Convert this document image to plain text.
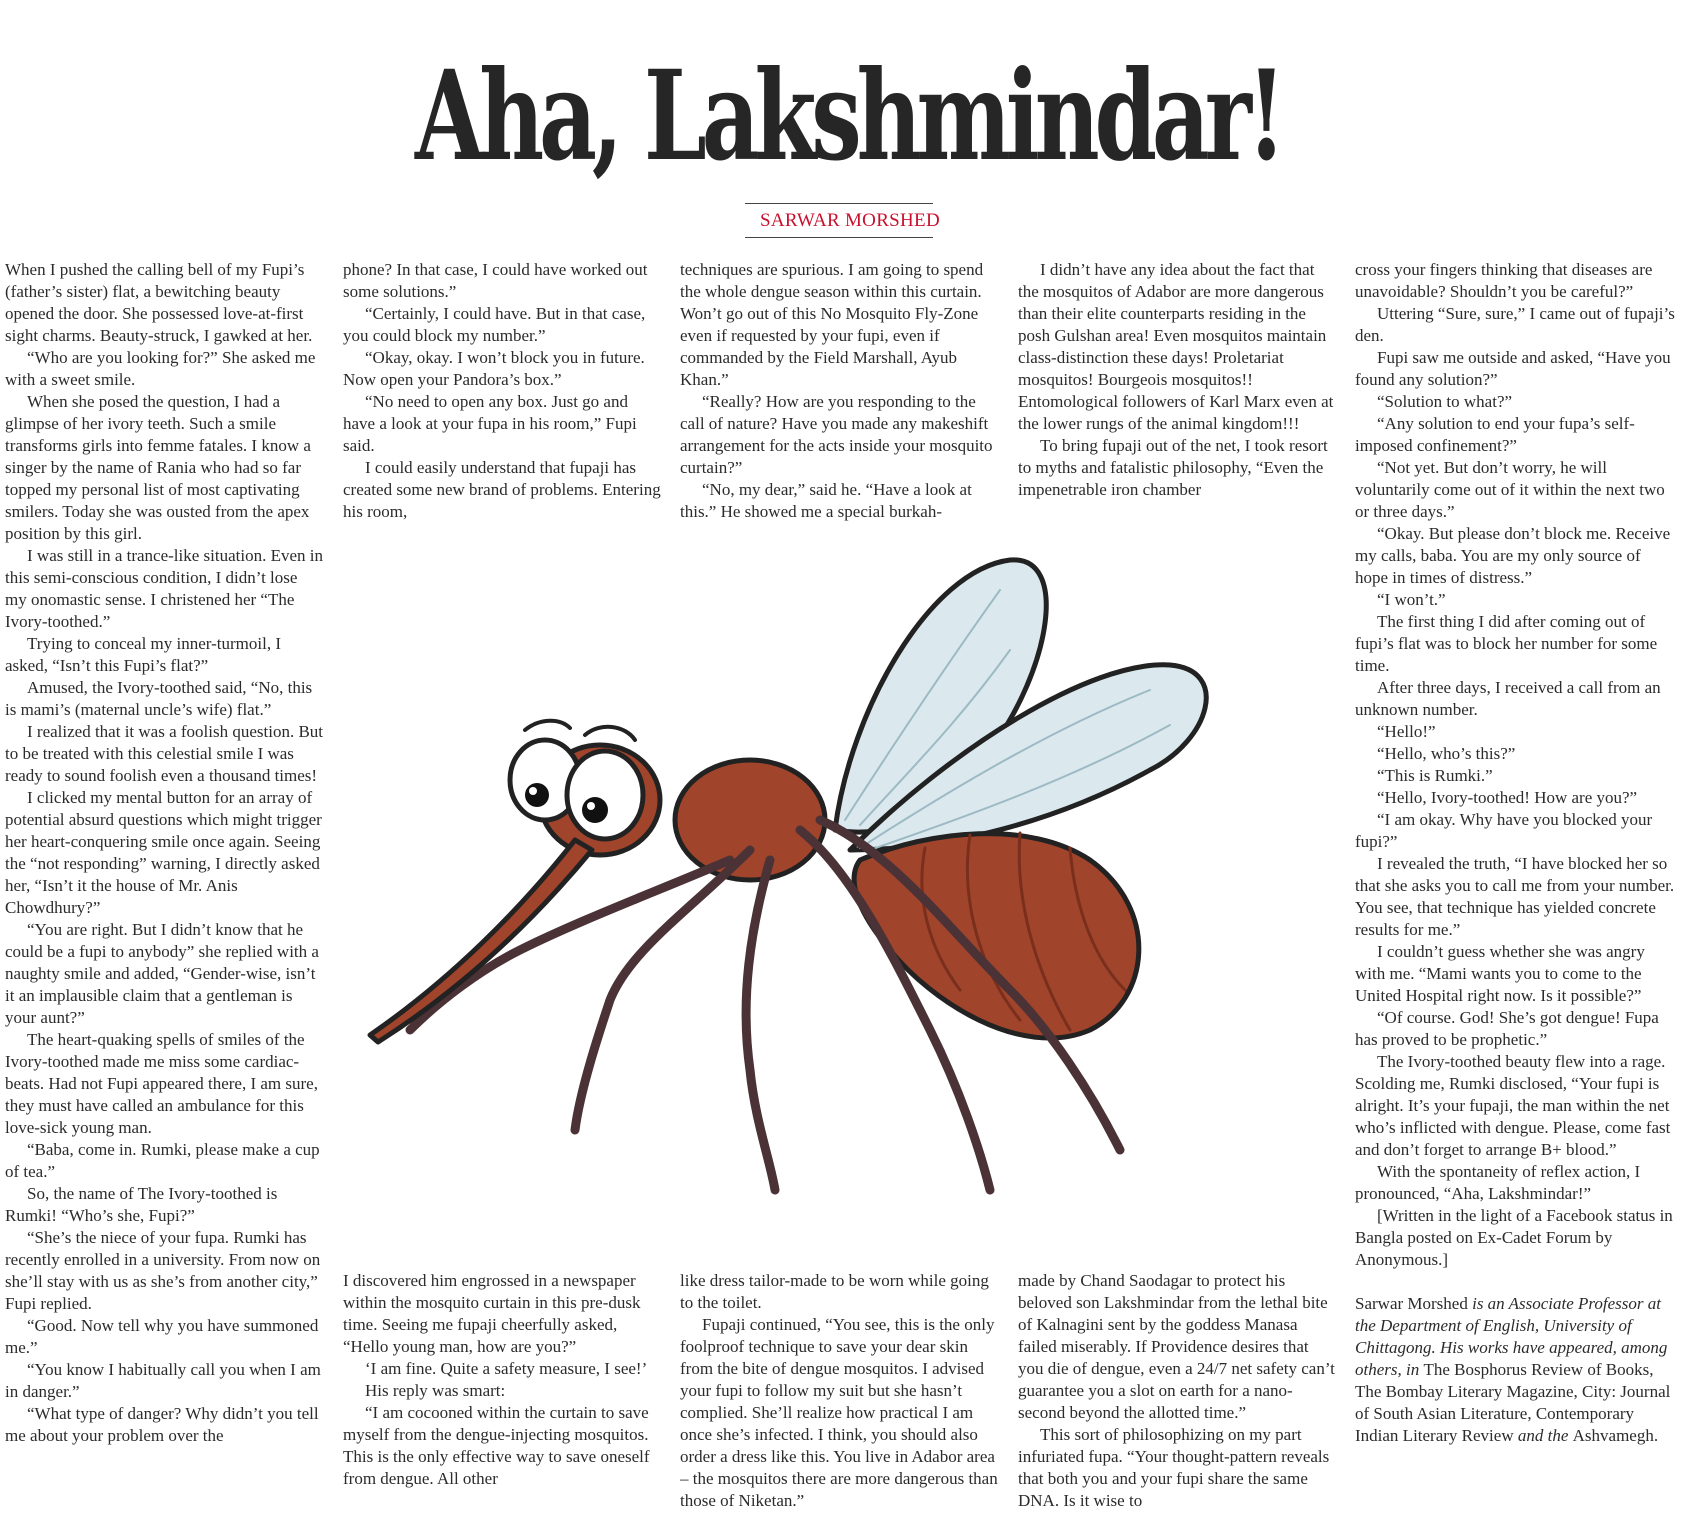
Aha, Lakshmindar!
SARWAR MORSHED

When I pushed the calling bell of my Fupi’s (father’s sister) flat, a bewitching beauty opened the door. She possessed love-at-first sight charms. Beauty-struck, I gawked at her.

“Who are you looking for?” She asked me with a sweet smile.

When she posed the question, I had a glimpse of her ivory teeth. Such a smile transforms girls into femme fatales. I know a singer by the name of Rania who had so far topped my personal list of most captivating smilers. Today she was ousted from the apex position by this girl.

I was still in a trance-like situation. Even in this semi-conscious condition, I didn’t lose my onomastic sense. I christened her “The Ivory-toothed.”

Trying to conceal my inner-turmoil, I asked, “Isn’t this Fupi’s flat?”

Amused, the Ivory-toothed said, “No, this is mami’s (maternal uncle’s wife) flat.”

I realized that it was a foolish question. But to be treated with this celestial smile I was ready to sound foolish even a thousand times!

I clicked my mental button for an array of potential absurd questions which might trigger her heart-conquering smile once again. Seeing the “not responding” warning, I directly asked her, “Isn’t it the house of Mr. Anis Chowdhury?”

“You are right. But I didn’t know that he could be a fupi to anybody” she replied with a naughty smile and added, “Gender-wise, isn’t it an implausible claim that a gentleman is your aunt?”

The heart-quaking spells of smiles of the Ivory-toothed made me miss some cardiac-beats. Had not Fupi appeared there, I am sure, they must have called an ambulance for this love-sick young man.

“Baba, come in. Rumki, please make a cup of tea.”

So, the name of The Ivory-toothed is Rumki! “Who’s she, Fupi?”

“She’s the niece of your fupa. Rumki has recently enrolled in a university. From now on she’ll stay with us as she’s from another city,” Fupi replied.

“Good. Now tell why you have summoned me.”

“You know I habitually call you when I am in danger.”

“What type of danger? Why didn’t you tell me about your problem over the

phone? In that case, I could have worked out some solutions.”

“Certainly, I could have. But in that case, you could block my number.”

“Okay, okay. I won’t block you in future. Now open your Pandora’s box.”

“No need to open any box. Just go and have a look at your fupa in his room,” Fupi said.

I could easily understand that fupaji has created some new brand of problems. Entering his room,

techniques are spurious. I am going to spend the whole dengue season within this curtain. Won’t go out of this No Mosquito Fly-Zone even if requested by your fupi, even if commanded by the Field Marshall, Ayub Khan.”

“Really? How are you responding to the call of nature? Have you made any makeshift arrangement for the acts inside your mosquito curtain?”

“No, my dear,” said he. “Have a look at this.” He showed me a special burkah-

I didn’t have any idea about the fact that the mosquitos of Adabor are more dangerous than their elite counterparts residing in the posh Gulshan area! Even mosquitos maintain class-distinction these days! Proletariat mosquitos! Bourgeois mosquitos!! Entomological followers of Karl Marx even at the lower rungs of the animal kingdom!!!

To bring fupaji out of the net, I took resort to myths and fatalistic philosophy, “Even the impenetrable iron chamber

I discovered him engrossed in a newspaper within the mosquito curtain in this pre-dusk time. Seeing me fupaji cheerfully asked, “Hello young man, how are you?”

‘I am fine. Quite a safety measure, I see!’

His reply was smart:

“I am cocooned within the curtain to save myself from the dengue-injecting mosquitos. This is the only effective way to save oneself from dengue. All other

like dress tailor-made to be worn while going to the toilet.

Fupaji continued, “You see, this is the only foolproof technique to save your dear skin from the bite of dengue mosquitos. I advised your fupi to follow my suit but she hasn’t complied. She’ll realize how practical I am once she’s infected. I think, you should also order a dress like this. You live in Adabor area – the mosquitos there are more dangerous than those of Niketan.”

made by Chand Saodagar to protect his beloved son Lakshmindar from the lethal bite of Kalnagini sent by the goddess Manasa failed miserably. If Providence desires that you die of dengue, even a 24/7 net safety can’t guarantee you a slot on earth for a nano-second beyond the allotted time.”

This sort of philosophizing on my part infuriated fupa. “Your thought-pattern reveals that both you and your fupi share the same DNA. Is it wise to

cross your fingers thinking that diseases are unavoidable? Shouldn’t you be careful?”

Uttering “Sure, sure,” I came out of fupaji’s den.

Fupi saw me outside and asked, “Have you found any solution?”

“Solution to what?”

“Any solution to end your fupa’s self-imposed confinement?”

“Not yet. But don’t worry, he will voluntarily come out of it within the next two or three days.”

“Okay. But please don’t block me. Receive my calls, baba. You are my only source of hope in times of distress.”

“I won’t.”

The first thing I did after coming out of fupi’s flat was to block her number for some time.

After three days, I received a call from an unknown number.

“Hello!”

“Hello, who’s this?”

“This is Rumki.”

“Hello, Ivory-toothed! How are you?”

“I am okay. Why have you blocked your fupi?”

I revealed the truth, “I have blocked her so that she asks you to call me from your number. You see, that technique has yielded concrete results for me.”

I couldn’t guess whether she was angry with me. “Mami wants you to come to the United Hospital right now. Is it possible?”

“Of course. God! She’s got dengue! Fupa has proved to be prophetic.”

The Ivory-toothed beauty flew into a rage. Scolding me, Rumki disclosed, “Your fupi is alright. It’s your fupaji, the man within the net who’s inflicted with dengue. Please, come fast and don’t forget to arrange B+ blood.”

With the spontaneity of reflex action, I pronounced, “Aha, Lakshmindar!”

[Written in the light of a Facebook status in Bangla posted on Ex-Cadet Forum by Anonymous.]

Sarwar Morshed is an Associate Professor at the Department of English, University of Chittagong. His works have appeared, among others, in The Bosphorus Review of Books, The Bombay Literary Magazine, City: Journal of South Asian Literature, Contemporary Indian Literary Review and the Ashvamegh.
